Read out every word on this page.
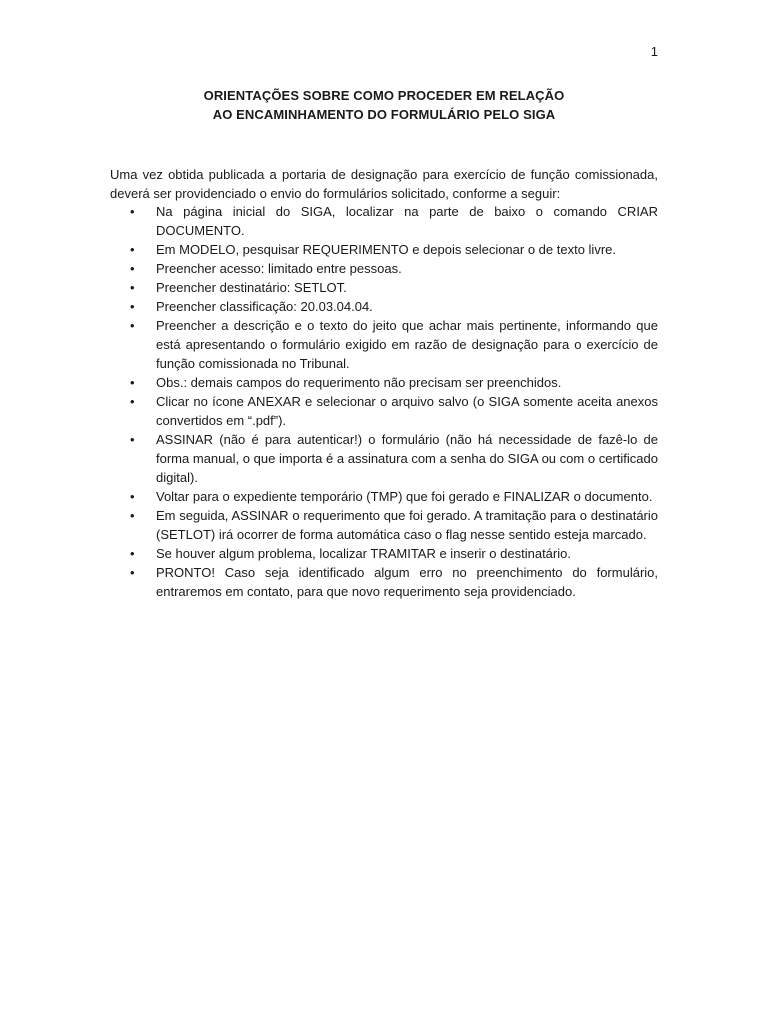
1
ORIENTAÇÕES SOBRE COMO PROCEDER EM RELAÇÃO
AO ENCAMINHAMENTO DO FORMULÁRIO PELO SIGA

Uma vez obtida publicada a portaria de designação para exercício de função comissionada, deverá ser providenciado o envio do formulários solicitado, conforme a seguir:

• Na página inicial do SIGA, localizar na parte de baixo o comando CRIAR DOCUMENTO.
• Em MODELO, pesquisar REQUERIMENTO e depois selecionar o de texto livre.
• Preencher acesso: limitado entre pessoas.
• Preencher destinatário: SETLOT.
• Preencher classificação: 20.03.04.04.
• Preencher a descrição e o texto do jeito que achar mais pertinente, informando que está apresentando o formulário exigido em razão de designação para o exercício de função comissionada no Tribunal.
• Obs.: demais campos do requerimento não precisam ser preenchidos.
• Clicar no ícone ANEXAR e selecionar o arquivo salvo (o SIGA somente aceita anexos convertidos em “.pdf”).
• ASSINAR (não é para autenticar!) o formulário (não há necessidade de fazê-lo de forma manual, o que importa é a assinatura com a senha do SIGA ou com o certificado digital).
• Voltar para o expediente temporário (TMP) que foi gerado e FINALIZAR o documento.
• Em seguida, ASSINAR o requerimento que foi gerado. A tramitação para o destinatário (SETLOT) irá ocorrer de forma automática caso o flag nesse sentido esteja marcado.
• Se houver algum problema, localizar TRAMITAR e inserir o destinatário.
• PRONTO! Caso seja identificado algum erro no preenchimento do formulário, entraremos em contato, para que novo requerimento seja providenciado.
